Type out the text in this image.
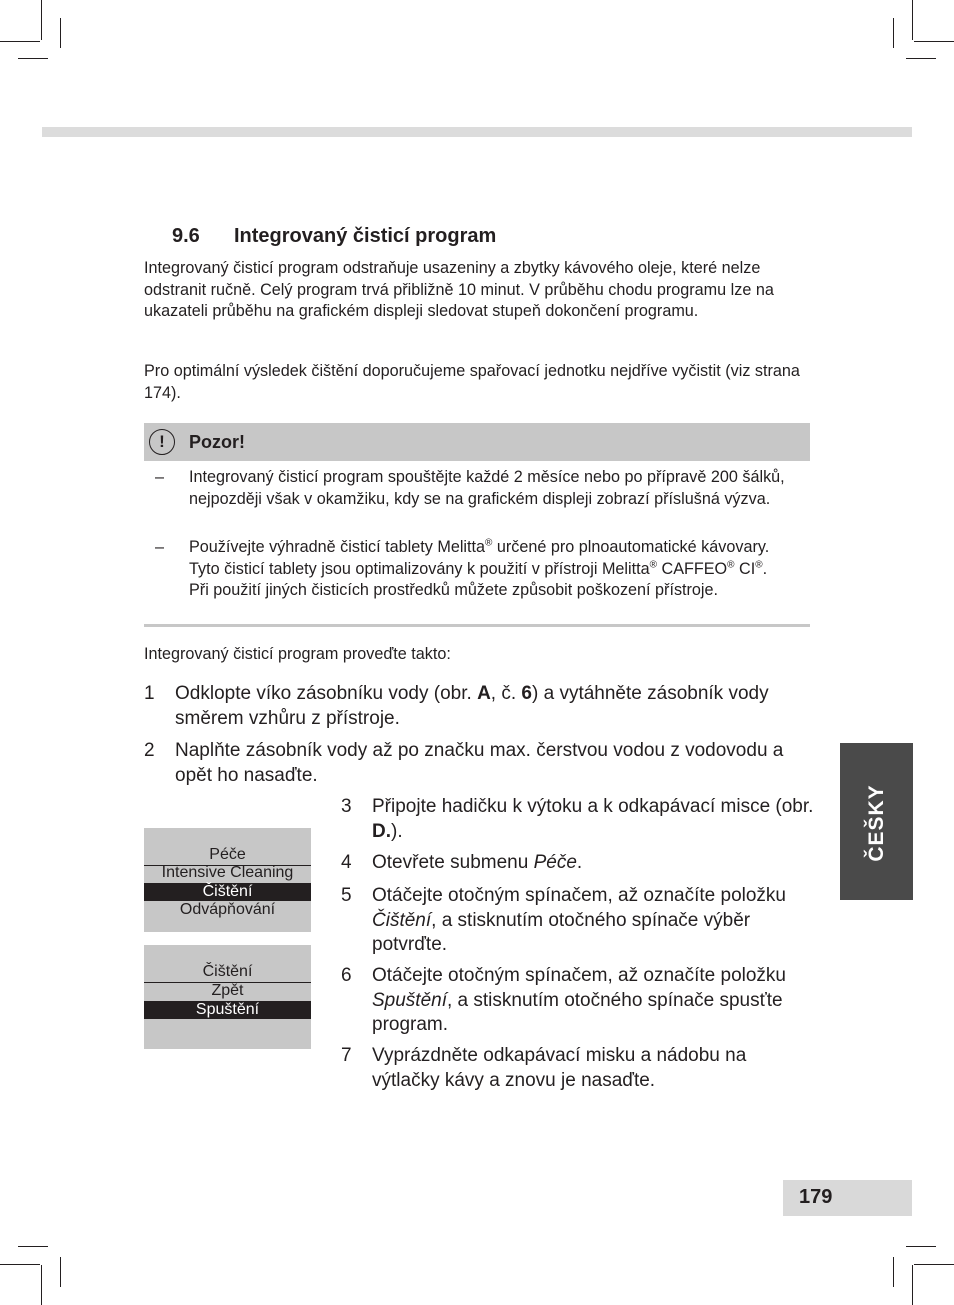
9.6 Integrovaný čisticí program

Integrovaný čisticí program odstraňuje usazeniny a zbytky kávového oleje, které nelze odstranit ručně. Celý program trvá přibližně 10 minut. V průběhu chodu programu lze na ukazateli průběhu na grafickém displeji sledovat stupeň dokončení programu.

Pro optimální výsledek čištění doporučujeme spařovací jednotku nejdříve vyčistit (viz strana 174).

!	Pozor!
– Integrovaný čisticí program spouštějte každé 2 měsíce nebo po přípravě 200 šálků, nejpozději však v okamžiku, kdy se na grafickém displeji zobrazí příslušná výzva.
– Používejte výhradně čisticí tablety Melitta® určené pro plnoautomatické kávovary. Tyto čisticí tablety jsou optimalizovány k použití v přístroji Melitta® CAFFEO® CI®. Při použití jiných čisticích prostředků můžete způsobit poškození přístroje.
Integrovaný čisticí program proveďte takto:
1 Odklopte víko zásobníku vody (obr. A, č. 6) a vytáhněte zásobník vody směrem vzhůru z přístroje.
2 Naplňte zásobník vody až po značku max. čerstvou vodou z vodovodu a opět ho nasaďte.
3 Připojte hadičku k výtoku a k odkapávací misce (obr. D.).
4 Otevřete submenu Péče.
5 Otáčejte otočným spínačem, až označíte položku Čištění, a stisknutím otočného spínače výběr potvrďte.
6 Otáčejte otočným spínačem, až označíte položku Spuštění, a stisknutím otočného spínače spusťte program.
7 Vyprázdněte odkapávací misku a nádobu na výtlačky kávy a znovu je nasaďte.
Péče
Intensive Cleaning
Čištění
Odvápňování
Čištění
Zpět
Spuštění
ČEŠKY
179
